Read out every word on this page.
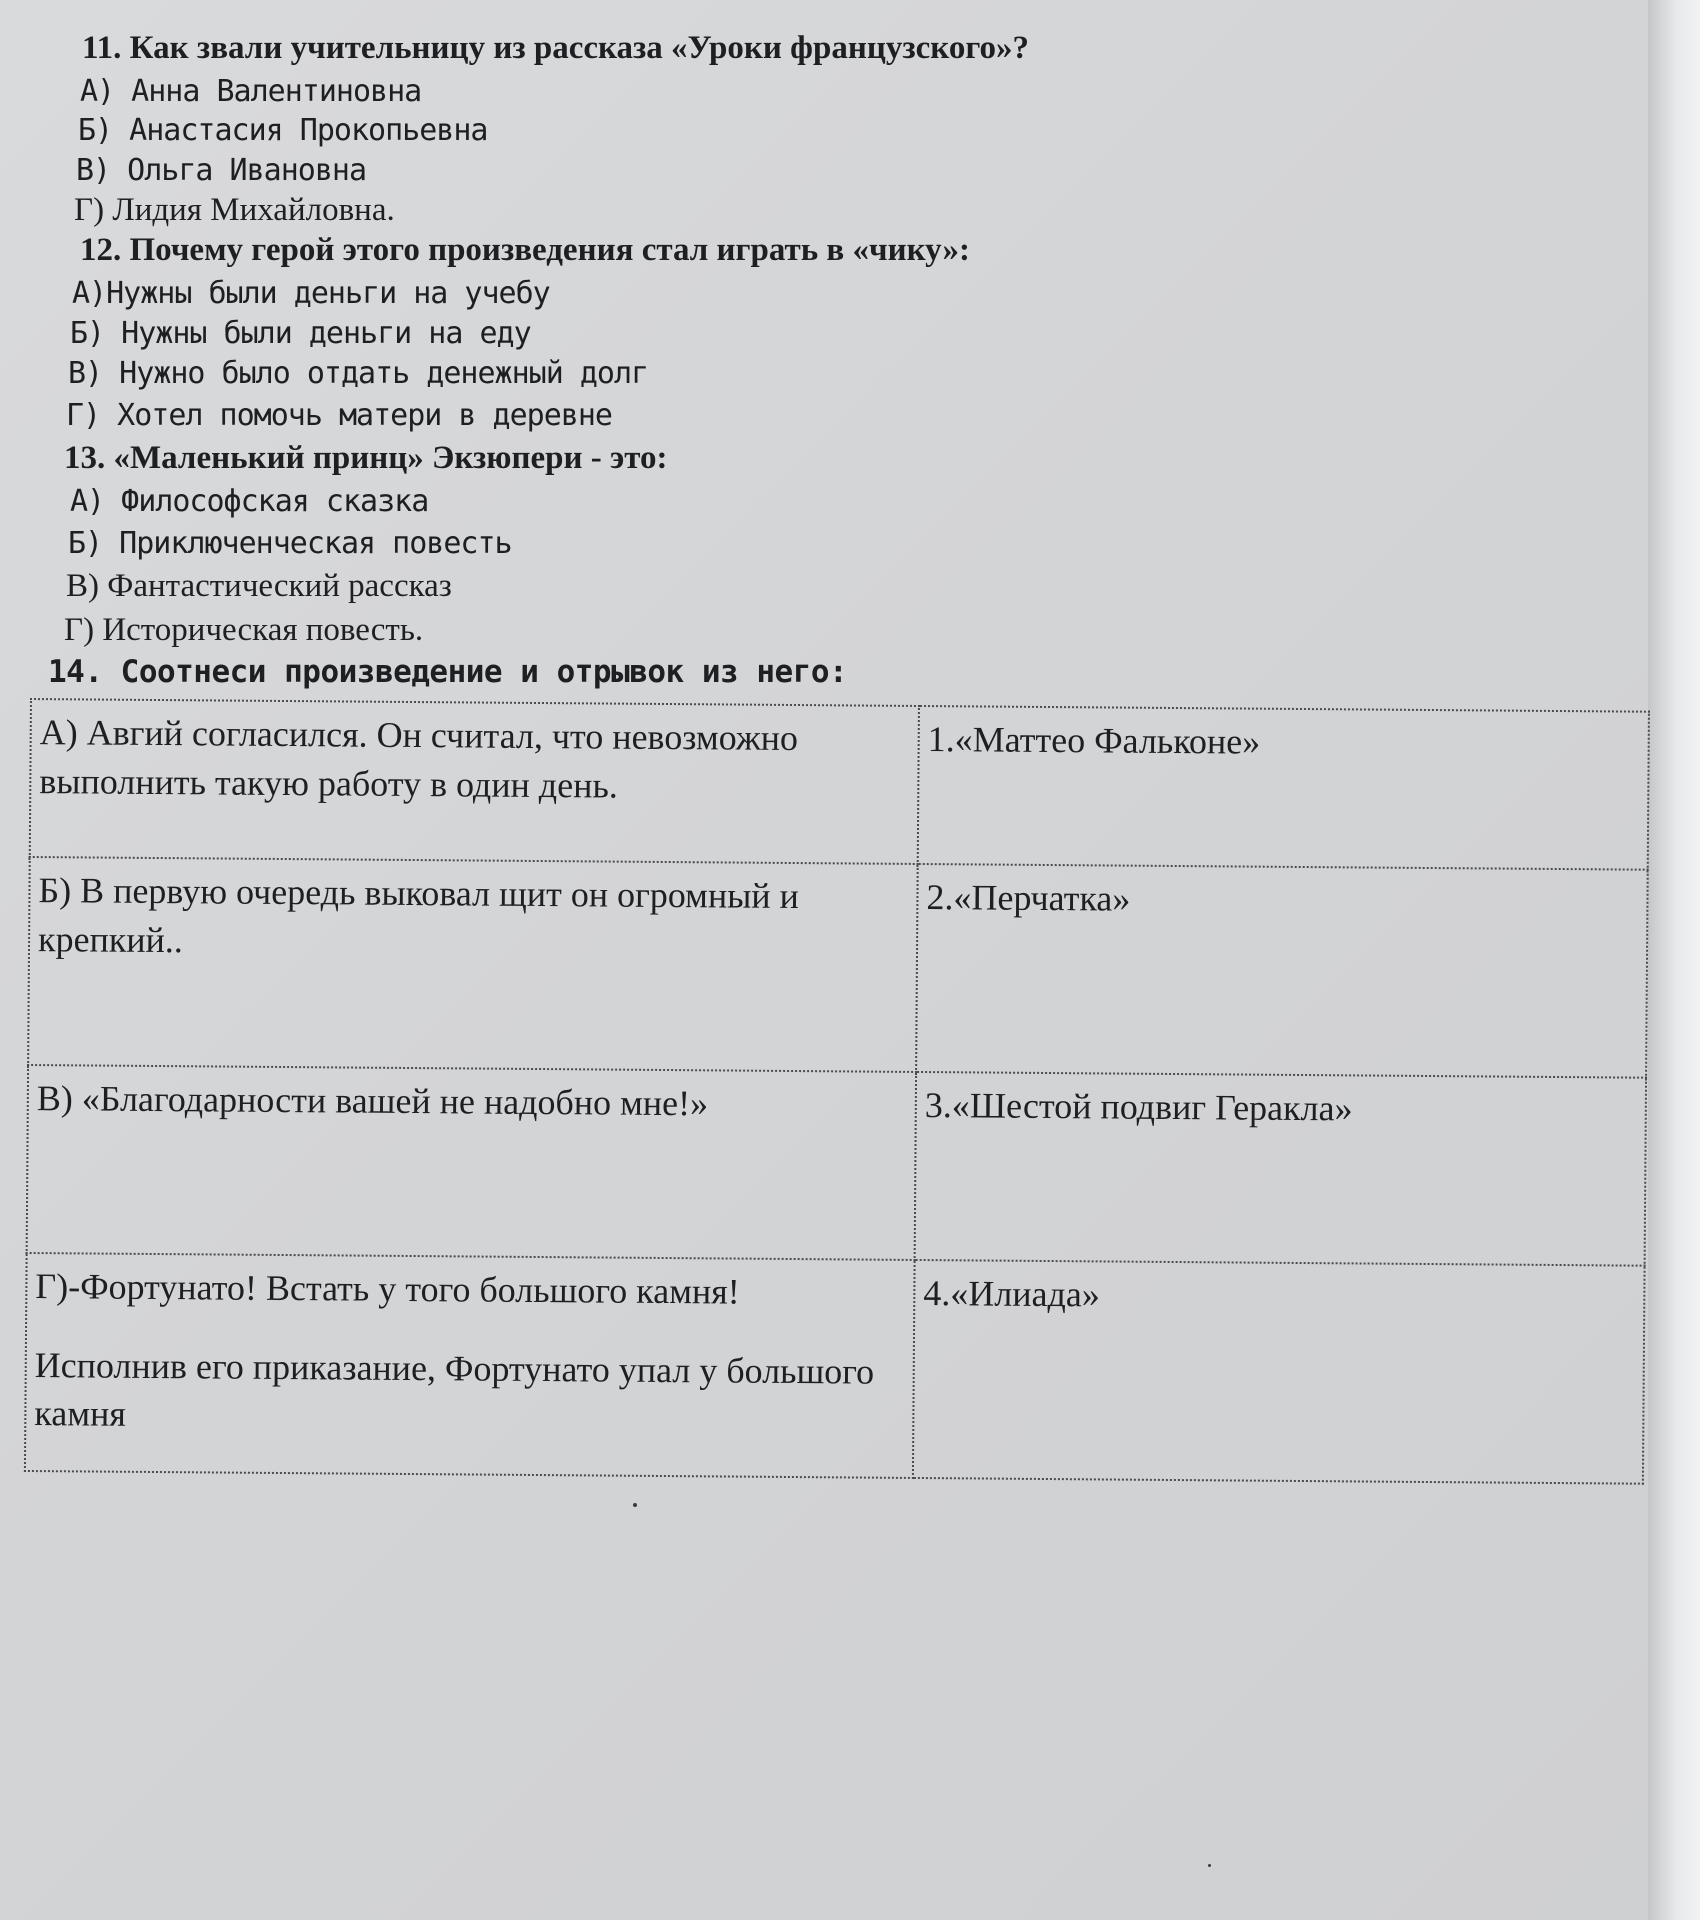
11. Как звали учительницу из рассказа «Уроки французского»?
А) Анна Валентиновна
Б) Анастасия Прокопьевна
В) Ольга Ивановна
Г) Лидия Михайловна.
12. Почему герой этого произведения стал играть в «чику»:
А)Нужны были деньги на учебу
Б) Нужны были деньги на еду
В) Нужно было отдать денежный долг
Г) Хотел помочь матери в деревне
13. «Маленький принц» Экзюпери - это:
А) Философская сказка
Б) Приключенческая повесть
В) Фантастический рассказ
Г) Историческая повесть.
14. Соотнеси произведение и отрывок из него:
А) Авгий согласился. Он считал, что невозможно выполнить такую работу в один день.	1.«Маттео Фальконе»
Б) В первую очередь выковал щит он огромный и крепкий..	2.«Перчатка»
В) «Благодарности вашей не надобно мне!»	3.«Шестой подвиг Геракла»
Г)-Фортунато! Встать у того большого камня!
Исполнив его приказание, Фортунато упал у большого камня	4.«Илиада»
